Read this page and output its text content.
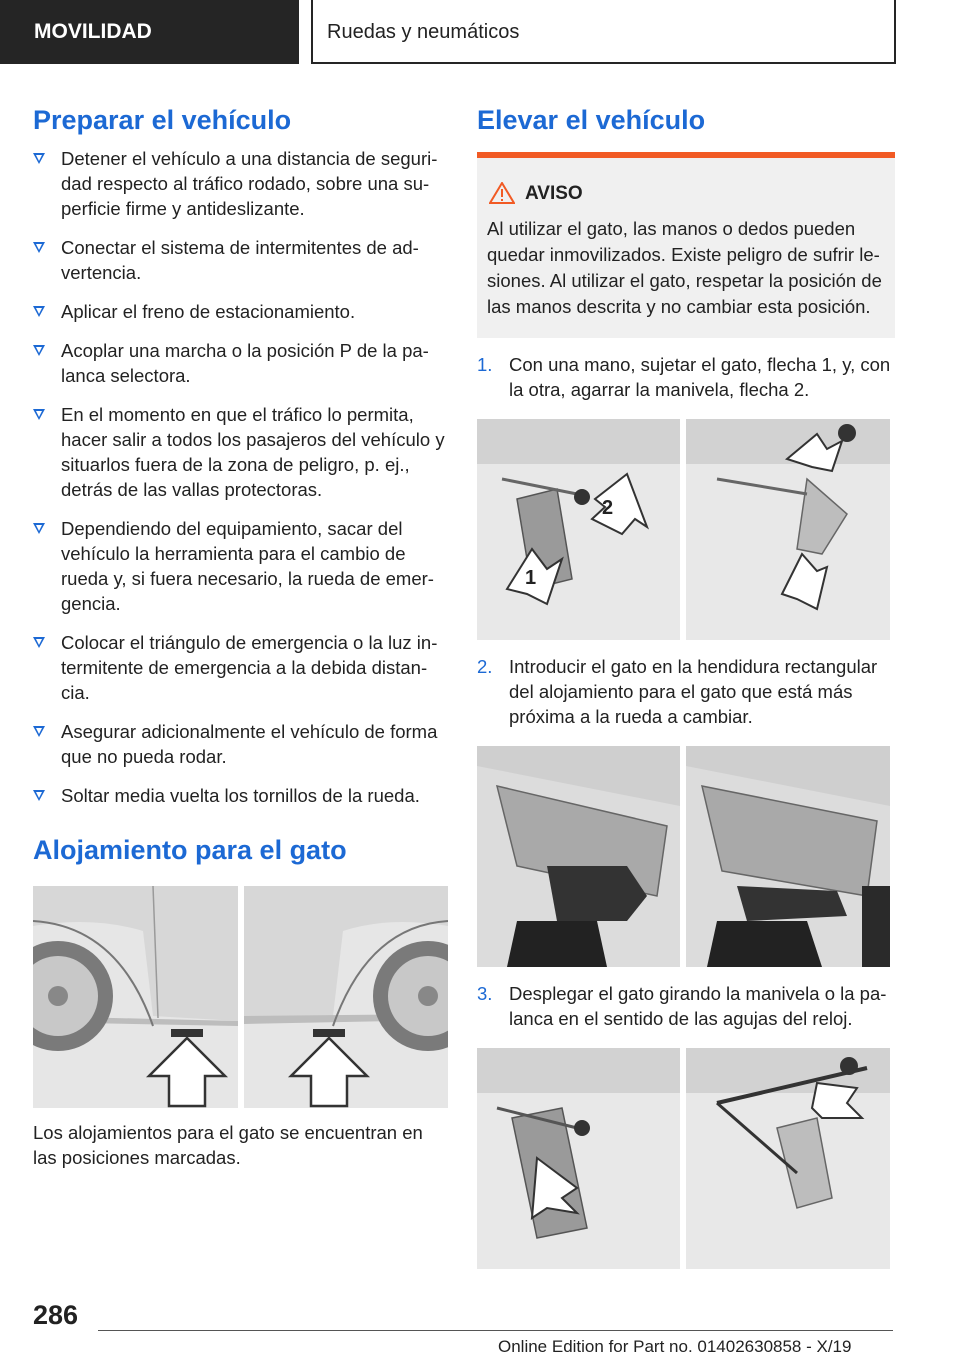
MOVILIDAD	Ruedas y neumáticos
Preparar el vehículo
Detener el vehículo a una distancia de seguri-dad respecto al tráfico rodado, sobre una su-perficie firme y antideslizante.
Conectar el sistema de intermitentes de ad-vertencia.
Aplicar el freno de estacionamiento.
Acoplar una marcha o la posición P de la pa-lanca selectora.
En el momento en que el tráfico lo permita, hacer salir a todos los pasajeros del vehículo y situarlos fuera de la zona de peligro, p. ej., detrás de las vallas protectoras.
Dependiendo del equipamiento, sacar del vehículo la herramienta para el cambio de rueda y, si fuera necesario, la rueda de emer-gencia.
Colocar el triángulo de emergencia o la luz in-termitente de emergencia a la debida distan-cia.
Asegurar adicionalmente el vehículo de forma que no pueda rodar.
Soltar media vuelta los tornillos de la rueda.
Alojamiento para el gato

Los alojamientos para el gato se encuentran en las posiciones marcadas.

Elevar el vehículo
AVISO
Al utilizar el gato, las manos o dedos pueden quedar inmovilizados. Existe peligro de sufrir le-siones. Al utilizar el gato, respetar la posición de las manos descrita y no cambiar esta posición.
1. Con una mano, sujetar el gato, flecha 1, y, con la otra, agarrar la manivela, flecha 2.
2
1
2. Introducir el gato en la hendidura rectangular del alojamiento para el gato que está más próxima a la rueda a cambiar.
3. Desplegar el gato girando la manivela o la pa-lanca en el sentido de las agujas del reloj.
286
Online Edition for Part no. 01402630858 - X/19
